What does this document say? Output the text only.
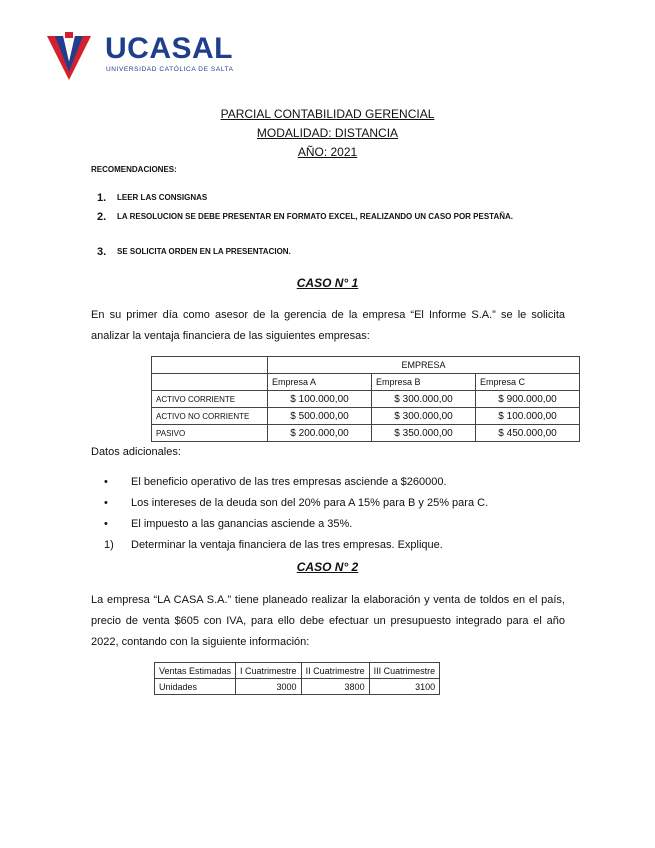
UCASAL
UNIVERSIDAD CATÓLICA DE SALTA
PARCIAL CONTABILIDAD GERENCIAL
MODALIDAD: DISTANCIA
AÑO: 2021
RECOMENDACIONES:
1. LEER LAS CONSIGNAS
2. LA RESOLUCION SE DEBE PRESENTAR EN FORMATO EXCEL, REALIZANDO UN CASO POR PESTAÑA.
3. SE SOLICITA ORDEN EN LA PRESENTACION.
CASO N° 1
En su primer día como asesor de la gerencia de la empresa “El Informe S.A.” se le solicita analizar la ventaja financiera de las siguientes empresas:
	EMPRESA		
	Empresa A	Empresa B	Empresa C
ACTIVO CORRIENTE	$ 100.000,00	$ 300.000,00	$ 900.000,00
ACTIVO NO CORRIENTE	$ 500.000,00	$ 300.000,00	$ 100.000,00
PASIVO	$ 200.000,00	$ 350.000,00	$ 450.000,00
Datos adicionales:
• El beneficio operativo de las tres empresas asciende a $260000.
• Los intereses de la deuda son del 20% para A 15% para B y 25% para C.
• El impuesto a las ganancias asciende a 35%.
1) Determinar la ventaja financiera de las tres empresas. Explique.
CASO N° 2
La empresa “LA CASA S.A.” tiene planeado realizar la elaboración y venta de toldos en el país, precio de venta $605 con IVA, para ello debe efectuar un presupuesto integrado para el año 2022, contando con la siguiente información:
Ventas Estimadas	I Cuatrimestre	II Cuatrimestre	III Cuatrimestre
Unidades	3000	3800	3100
